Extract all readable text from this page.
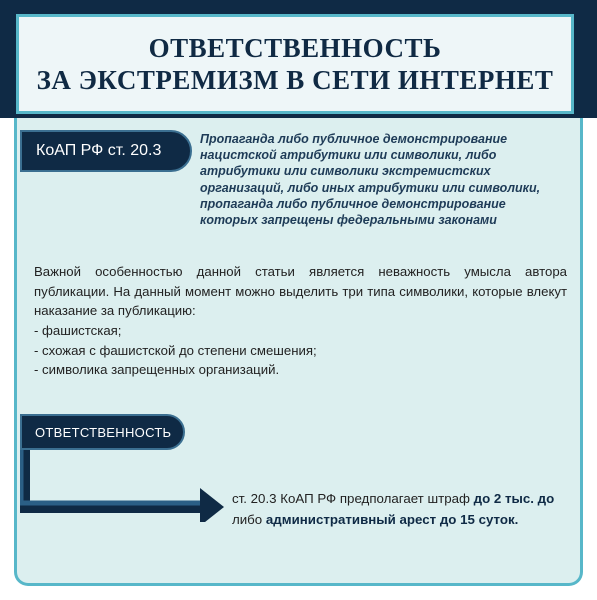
ОТВЕТСТВЕННОСТЬ
ЗА ЭКСТРЕМИЗМ В СЕТИ ИНТЕРНЕТ
КоАП РФ ст. 20.3

Пропаганда либо публичное демонстрирование
нацистской атрибутики или символики, либо
атрибутики или символики экстремистских
организаций, либо иных атрибутики или символики,
пропаганда либо публичное демонстрирование
которых запрещены федеральными законами

Важной особенностью данной статьи является неважность умысла автора публикации. На данный момент можно выделить три типа символики, которые влекут наказание за публикацию:

- фашистская;
- схожая с фашистской до степени смешения;
- символика запрещенных организаций.
ОТВЕТСТВЕННОСТЬ

ст. 20.3 КоАП РФ предполагает штраф до 2 тыс. до либо административный арест до 15 суток.
